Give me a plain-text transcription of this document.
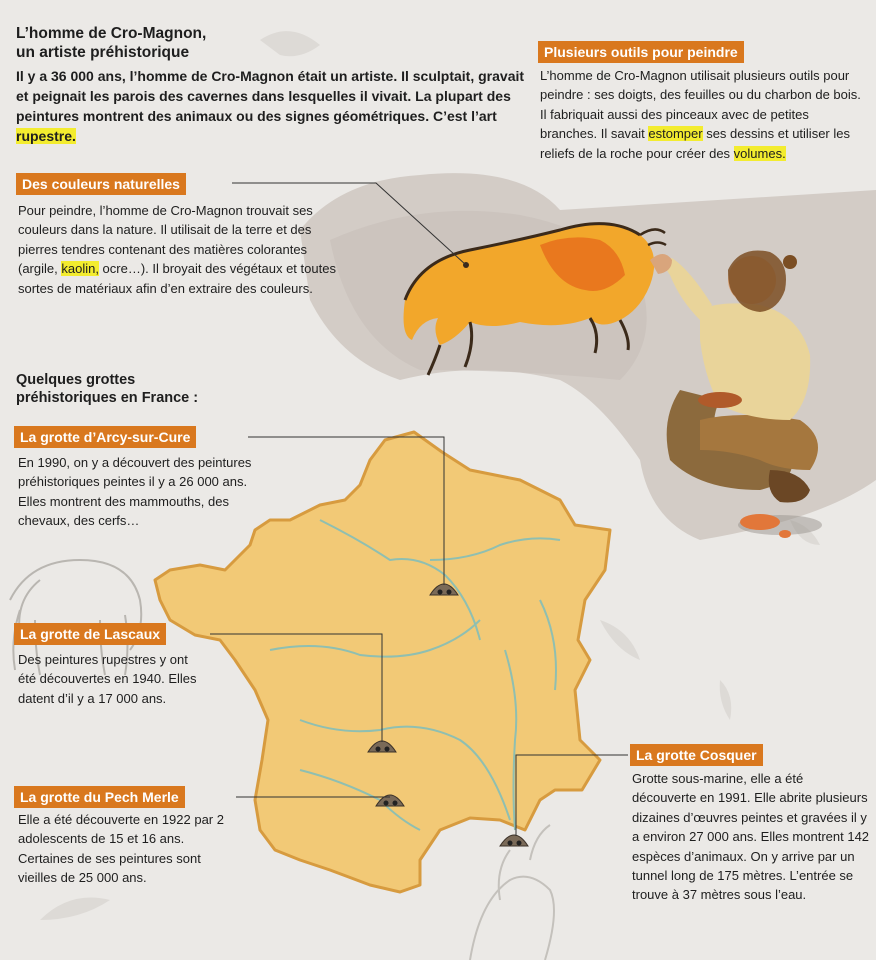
L’homme de Cro-Magnon,
un artiste préhistorique
Il y a 36 000 ans, l’homme de Cro-Magnon était un artiste. Il sculptait, gravait et peignait les parois des cavernes dans lesquelles il vivait. La plupart des peintures montrent des animaux ou des signes géométriques. C’est l’art rupestre.
Des couleurs naturelles
Pour peindre, l’homme de Cro-Magnon trouvait ses couleurs dans la nature. Il utilisait de la terre et des pierres tendres contenant des matières colorantes (argile, kaolin, ocre…). Il broyait des végétaux et toutes sortes de matériaux afin d’en extraire des couleurs.
Plusieurs outils pour peindre
L’homme de Cro-Magnon utilisait plusieurs outils pour peindre : ses doigts, des feuilles ou du charbon de bois. Il fabriquait aussi des pinceaux avec de petites branches. Il savait estomper ses dessins et utiliser les reliefs de la roche pour créer des volumes.
Quelques grottes
préhistoriques en France :
La grotte d’Arcy-sur-Cure
En 1990, on y a découvert des peintures préhistoriques peintes il y a 26 000 ans. Elles montrent des mammouths, des chevaux, des cerfs…
La grotte de Lascaux
Des peintures rupestres y ont été découvertes en 1940. Elles datent d’il y a 17 000 ans.
La grotte du Pech Merle
Elle a été découverte en 1922 par 2 adolescents de 15 et 16 ans. Certaines de ses peintures sont vieilles de 25 000 ans.
La grotte Cosquer
Grotte sous-marine, elle a été découverte en 1991. Elle abrite plusieurs dizaines d’œuvres peintes et gravées il y a environ 27 000 ans. Elles montrent 142 espèces d’animaux. On y arrive par un tunnel long de 175 mètres. L’entrée se trouve à 37 mètres sous l’eau.
